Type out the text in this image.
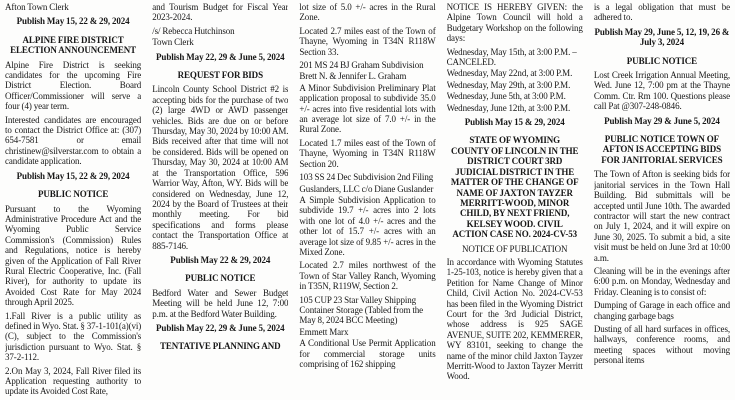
Afton Town Clerk

Publish May 15, 22 & 29, 2024

ALPINE FIRE DISTRICT ELECTION ANNOUNCEMENT

Alpine Fire District is seeking candidates for the upcoming Fire District Election. Board Officer/Commissioner will serve a four (4) year term.

Interested candidates are encouraged to contact the District Office at: (307) 654-7581 or email christinew@silverstar.com to obtain a candidate application.

Publish May 15, 22 & 29, 2024

PUBLIC NOTICE

Pursuant to the Wyoming Administrative Procedure Act and the Wyoming Public Service Commission's (Commission) Rules and Regulations, notice is hereby given of the Application of Fall River Rural Electric Cooperative, Inc. (Fall River), for authority to update its Avoided Cost Rate for May 2024 through April 2025.

1.Fall River is a public utility as defined in Wyo. Stat. § 37-1-101(a)(vi)(C), subject to the Commission's jurisdiction pursuant to Wyo. Stat. § 37-2-112.

2.On May 3, 2024, Fall River filed its Application requesting authority to update its Avoided Cost Rate,

and Tourism Budget for Fiscal Year 2023-2024.

/s/ Rebecca Hutchinson

Town Clerk

Publish May 22, 29 & June 5, 2024

REQUEST FOR BIDS

Lincoln County School District #2 is accepting bids for the purchase of two (2) large 4WD or AWD passenger vehicles. Bids are due on or before Thursday, May 30, 2024 by 10:00 AM. Bids received after that time will not be considered. Bids will be opened on Thursday, May 30, 2024 at 10:00 AM at the Transportation Office, 596 Warrior Way, Afton, WY. Bids will be considered on Wednesday, June 12, 2024 by the Board of Trustees at their monthly meeting. For bid specifications and forms please contact the Transportation Office at 885-7146.

Publish May 22 & 29, 2024

PUBLIC NOTICE

Bedford Water and Sewer Budget Meeting will be held June 12, 7:00 p.m. at the Bedford Water Building.

Publish May 22, 29 & June 5, 2024

TENTATIVE PLANNING AND

lot size of 5.0 +/- acres in the Rural Zone.

Located 2.7 miles east of the Town of Thayne, Wyoming in T34N R118W Section 33.

201 MS 24 BJ Graham Subdivision

Brett N. & Jennifer L. Graham

A Minor Subdivision Preliminary Plat application proposal to subdivide 35.0 +/- acres into five residential lots with an average lot size of 7.0 +/- in the Rural Zone.

Located 1.7 miles east of the Town of Thayne, Wyoming in T34N R118W Section 20.

103 SS 24 Dec Subdivision 2nd Filing

Guslanders, LLC c/o Diane Guslander

A Simple Subdivision Application to subdivide 19.7 +/- acres into 2 lots with one lot of 4.0 +/- acres and the other lot of 15.7 +/- acres with an average lot size of 9.85 +/- acres in the Mixed Zone.

Located 2.7 miles northwest of the Town of Star Valley Ranch, Wyoming in T35N, R119W, Section 2.

105 CUP 23 Star Valley Shipping Container Storage (Tabled from the May 8, 2024 BCC Meeting)

Emmett Marx

A Conditional Use Permit Application for commercial storage units comprising of 162 shipping

NOTICE IS HEREBY GIVEN: the Alpine Town Council will hold a Budgetary Workshop on the following days:

Wednesday, May 15th, at 3:00 P.M. – CANCELED.

Wednesday, May 22nd, at 3:00 P.M.

Wednesday, May 29th, at 3:00 P.M.

Wednesday, June 5th, at 3:00 P.M.

Wednesday, June 12th, at 3:00 P.M.

Publish May 15 & 29, 2024

STATE OF WYOMING COUNTY OF LINCOLN IN THE DISTRICT COURT 3RD JUDICIAL DISTRICT IN THE MATTER OF THE CHANGE OF NAME OF JAXTON TAYZER MERRITT-WOOD, MINOR CHILD, BY NEXT FRIEND, KELSEY WOOD. CIVIL ACTION CASE NO. 2024-CV-53

NOTICE OF PUBLICATION

In accordance with Wyoming Statutes 1-25-103, notice is hereby given that a Petition for Name Change of Minor Child, Civil Action No. 2024-CV-53 has been filed in the Wyoming District Court for the 3rd Judicial District, whose address is 925 SAGE AVENUE, SUITE 202, KEMMERER, WY 83101, seeking to change the name of the minor child Jaxton Tayzer Merritt-Wood to Jaxton Tayzer Merritt Wood.

is a legal obligation that must be adhered to.

Publish May 29, June 5, 12, 19, 26 & July 3, 2024

PUBLIC NOTICE

Lost Creek Irrigation Annual Meeting, Wed. June 12, 7:00 pm at the Thayne Comm. Ctr. Rm 100. Questions please call Pat @307-248-0846.

Publish May 29 & June 5, 2024

PUBLIC NOTICE TOWN OF AFTON IS ACCEPTING BIDS FOR JANITORIAL SERVICES

The Town of Afton is seeking bids for janitorial services in the Town Hall Building. Bid submittals will be accepted until June 10th. The awarded contractor will start the new contract on July 1, 2024, and it will expire on June 30, 2025. To submit a bid, a site visit must be held on June 3rd at 10:00 a.m.

Cleaning will be in the evenings after 6:00 p.m. on Monday, Wednesday and Friday. Cleaning is to consist of:

Dumping of Garage in each office and changing garbage bags

Dusting of all hard surfaces in offices, hallways, conference rooms, and meeting spaces without moving personal items
